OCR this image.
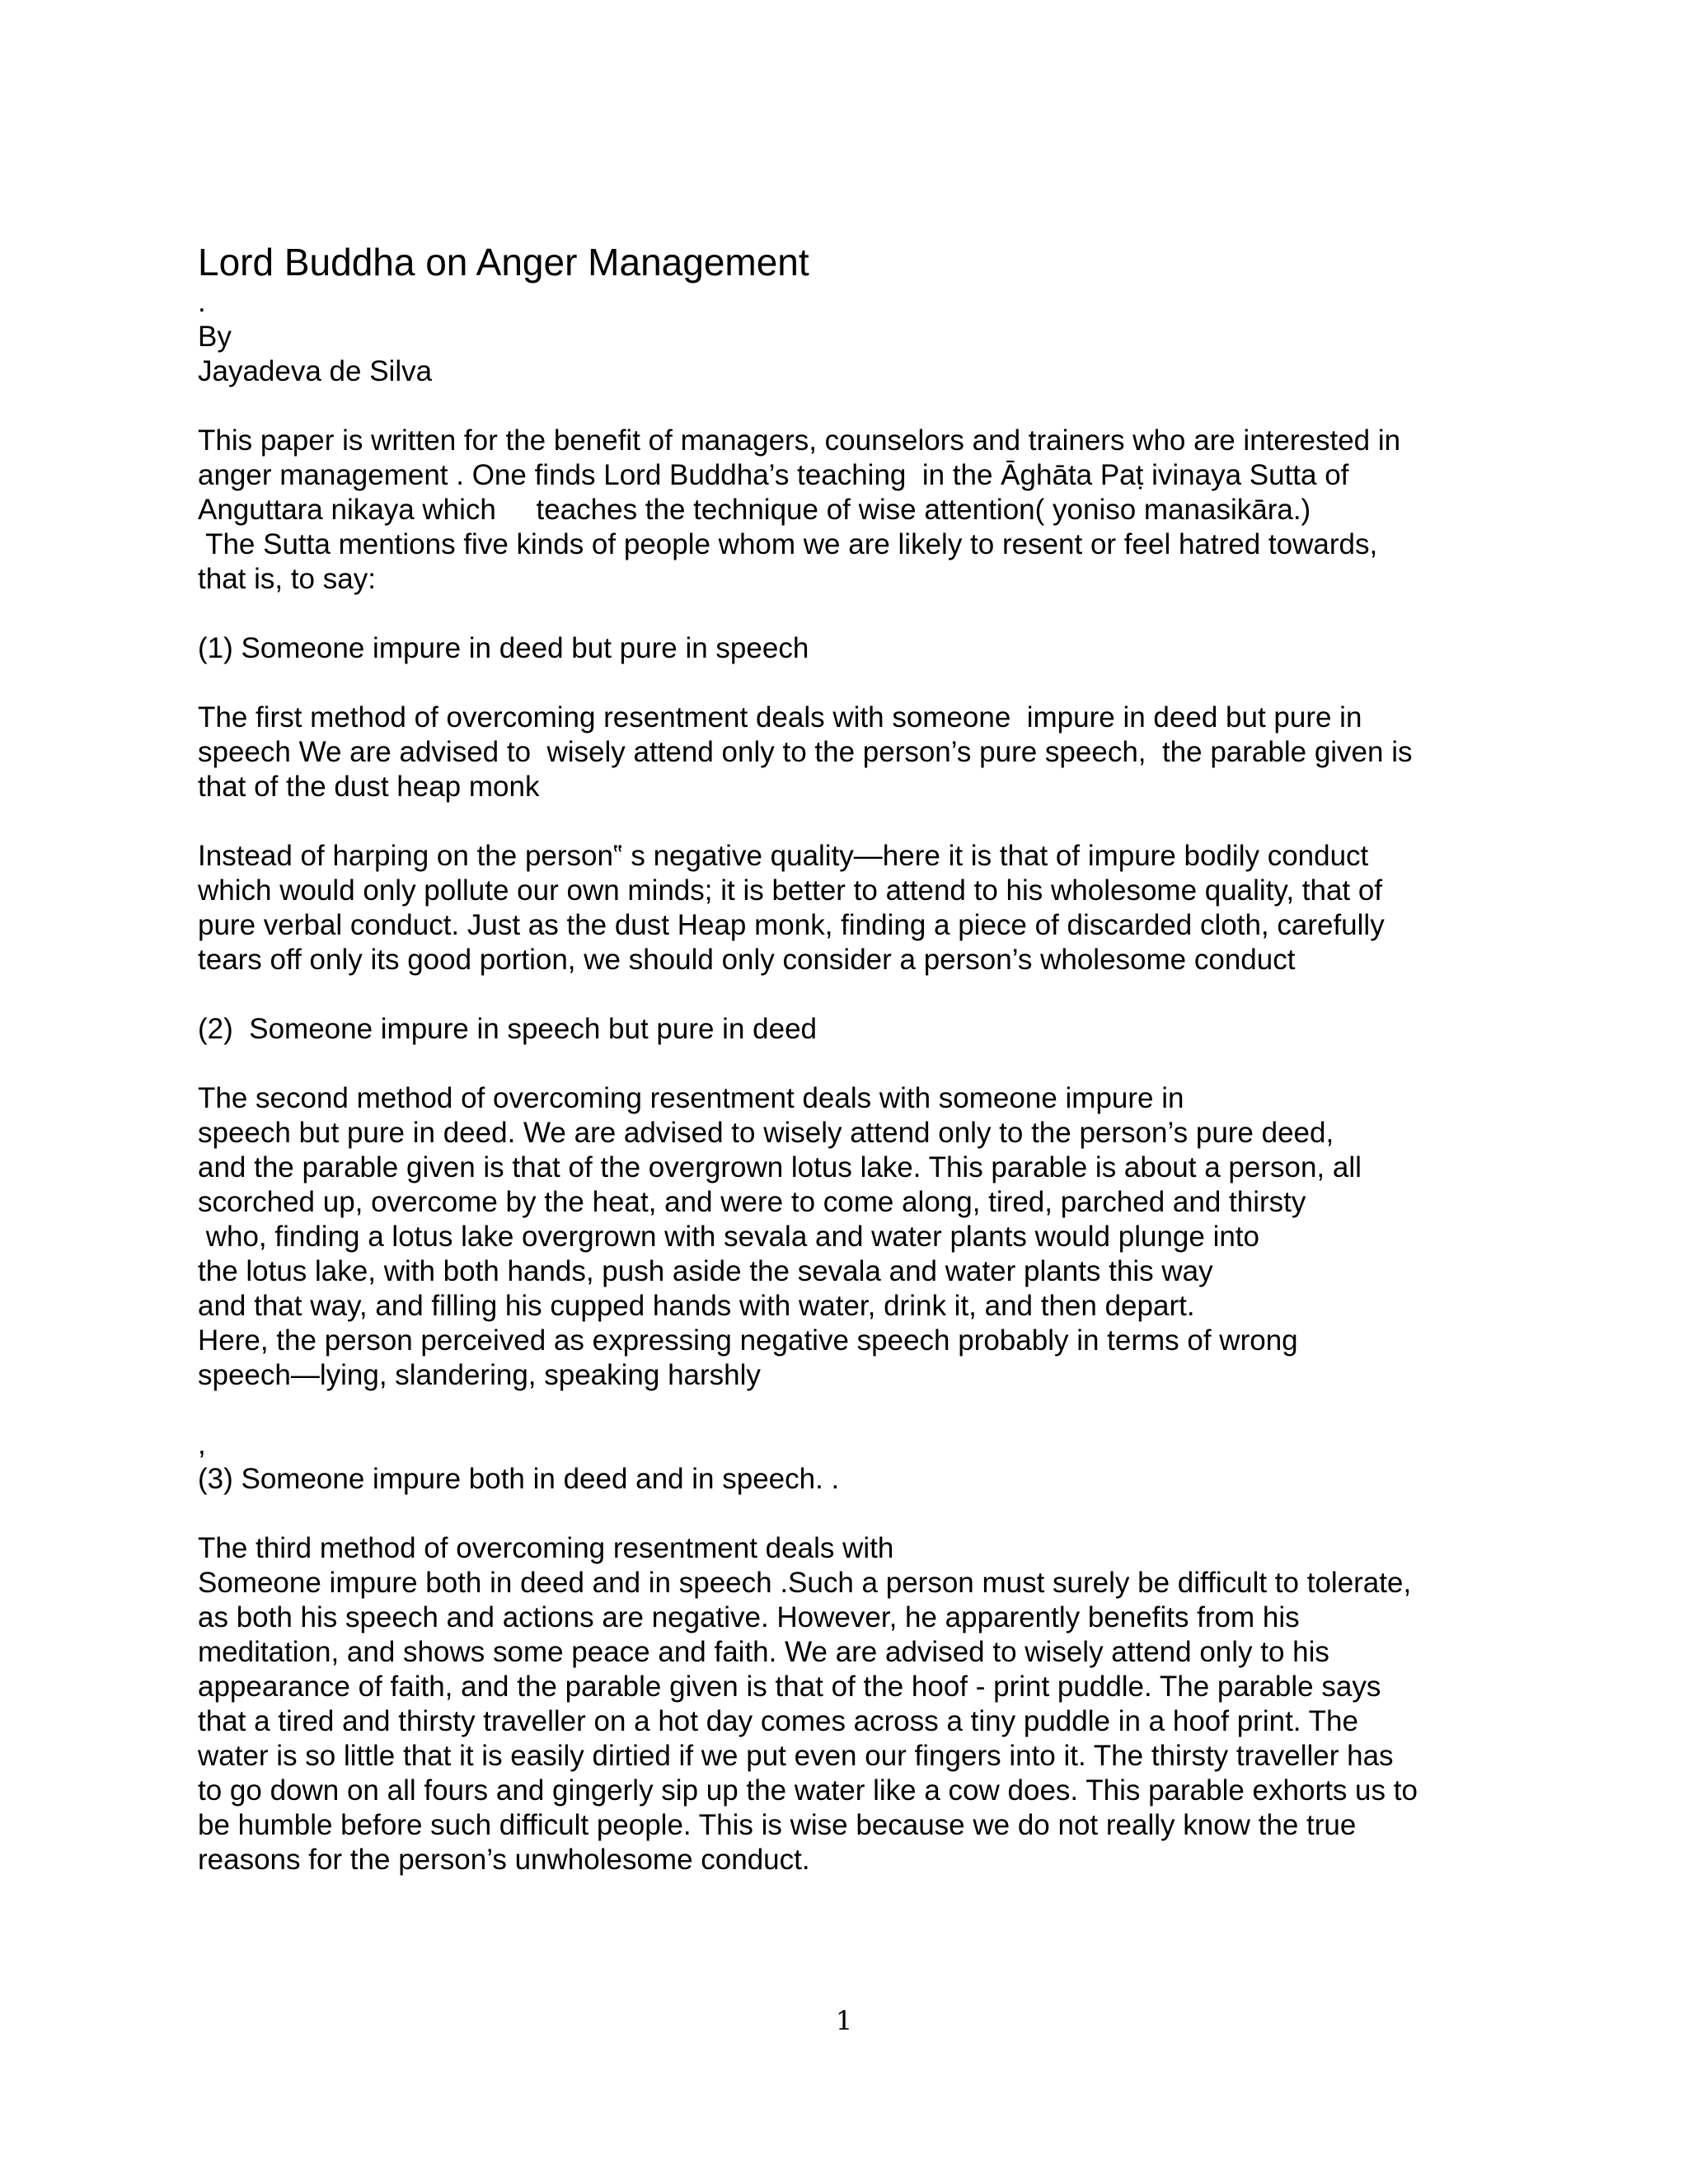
Lord Buddha on Anger Management

.

By

Jayadeva de Silva

This paper is written for the benefit of managers, counselors and trainers who are interested in

anger management . One finds Lord Buddha’s teaching  in the Āghāta Paṭ ivinaya Sutta of

Anguttara nikaya which     teaches the technique of wise attention( yoniso manasikāra.)

The Sutta mentions five kinds of people whom we are likely to resent or feel hatred towards,

that is, to say:

(1) Someone impure in deed but pure in speech

The first method of overcoming resentment deals with someone  impure in deed but pure in

speech We are advised to  wisely attend only to the person’s pure speech,  the parable given is

that of the dust heap monk

Instead of harping on the person‟ s negative quality—here it is that of impure bodily conduct

which would only pollute our own minds; it is better to attend to his wholesome quality, that of

pure verbal conduct. Just as the dust Heap monk, finding a piece of discarded cloth, carefully

tears off only its good portion, we should only consider a person’s wholesome conduct

(2)  Someone impure in speech but pure in deed

The second method of overcoming resentment deals with someone impure in

speech but pure in deed. We are advised to wisely attend only to the person’s pure deed,

and the parable given is that of the overgrown lotus lake. This parable is about a person, all

scorched up, overcome by the heat, and were to come along, tired, parched and thirsty

who, finding a lotus lake overgrown with sevala and water plants would plunge into

the lotus lake, with both hands, push aside the sevala and water plants this way

and that way, and filling his cupped hands with water, drink it, and then depart.

Here, the person perceived as expressing negative speech probably in terms of wrong

speech—lying, slandering, speaking harshly

,

(3) Someone impure both in deed and in speech. .

The third method of overcoming resentment deals with

Someone impure both in deed and in speech .Such a person must surely be difficult to tolerate,

as both his speech and actions are negative. However, he apparently benefits from his

meditation, and shows some peace and faith. We are advised to wisely attend only to his

appearance of faith, and the parable given is that of the hoof - print puddle. The parable says

that a tired and thirsty traveller on a hot day comes across a tiny puddle in a hoof print. The

water is so little that it is easily dirtied if we put even our fingers into it. The thirsty traveller has

to go down on all fours and gingerly sip up the water like a cow does. This parable exhorts us to

be humble before such difficult people. This is wise because we do not really know the true

reasons for the person’s unwholesome conduct.

1
